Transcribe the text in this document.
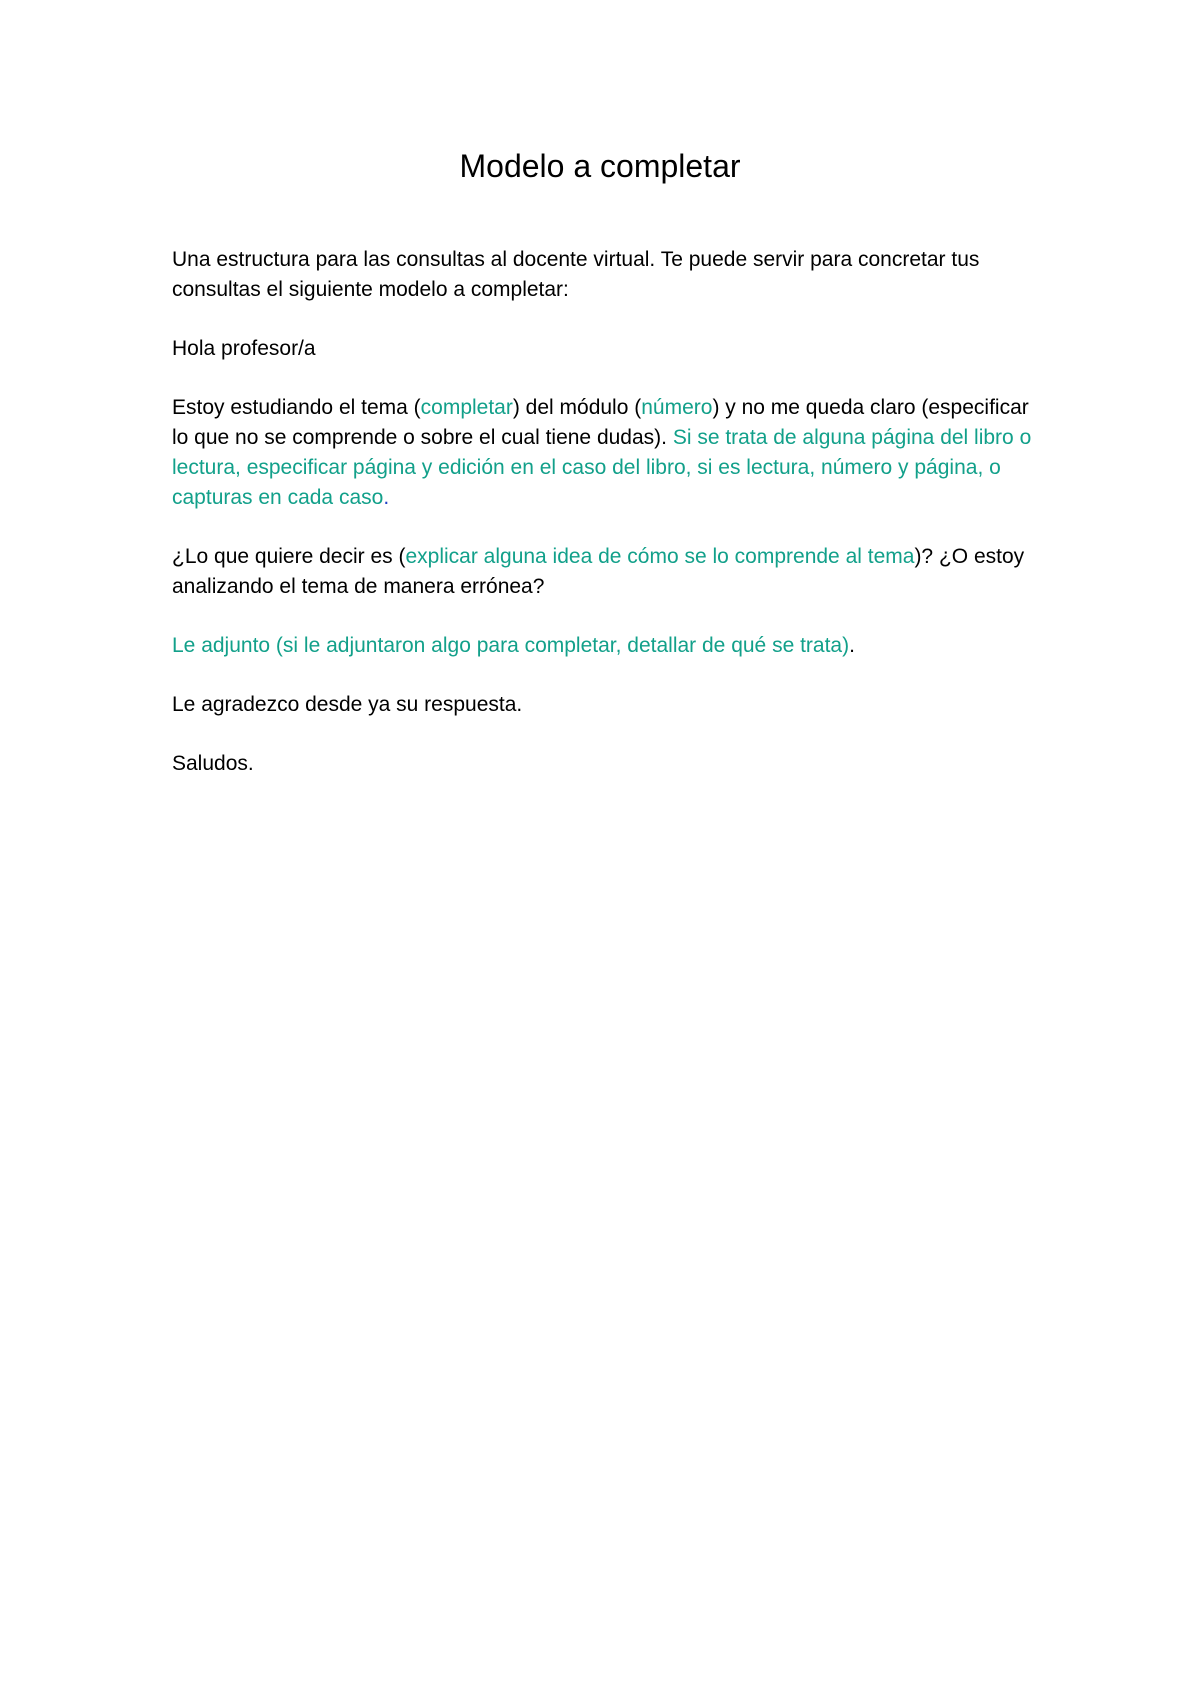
Modelo a completar

Una estructura para las consultas al docente virtual. Te puede servir para concretar tus consultas el siguiente modelo a completar:

Hola profesor/a

Estoy estudiando el tema (completar) del módulo (número) y no me queda claro (especificar lo que no se comprende o sobre el cual tiene dudas). Si se trata de alguna página del libro o lectura, especificar página y edición en el caso del libro, si es lectura, número y página, o capturas en cada caso.

¿Lo que quiere decir es (explicar alguna idea de cómo se lo comprende al tema)? ¿O estoy analizando el tema de manera errónea?

Le adjunto (si le adjuntaron algo para completar, detallar de qué se trata).

Le agradezco desde ya su respuesta.

Saludos.
